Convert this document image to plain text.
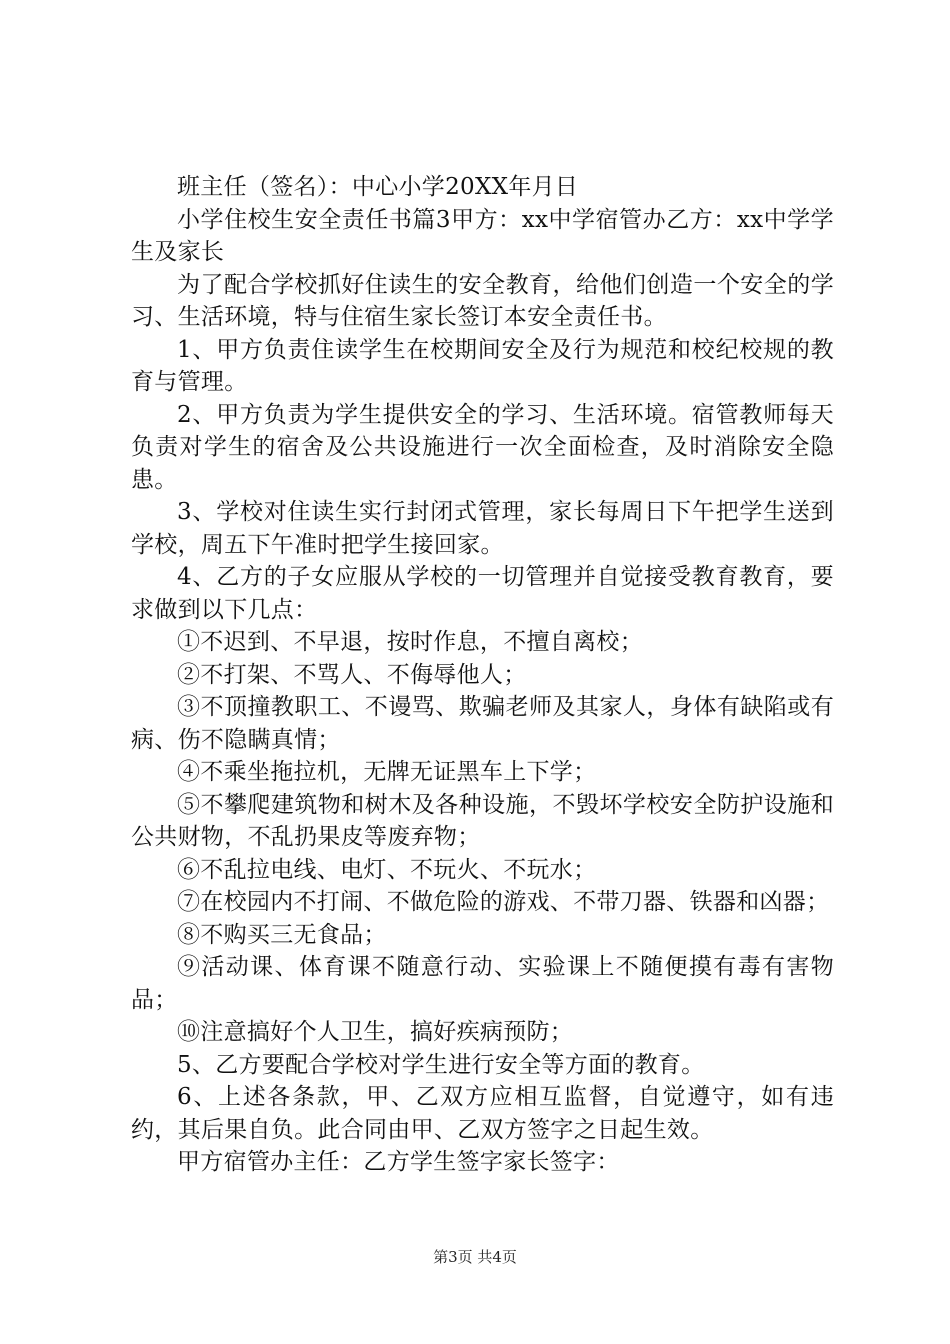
班主任（签名）：中心小学20XX年月日

小学住校生安全责任书篇3甲方：xx中学宿管办乙方：xx中学学生及家长

为了配合学校抓好住读生的安全教育，给他们创造一个安全的学习、生活环境，特与住宿生家长签订本安全责任书。

1、甲方负责住读学生在校期间安全及行为规范和校纪校规的教育与管理。

2、甲方负责为学生提供安全的学习、生活环境。宿管教师每天负责对学生的宿舍及公共设施进行一次全面检查，及时消除安全隐患。

3、学校对住读生实行封闭式管理，家长每周日下午把学生送到学校，周五下午准时把学生接回家。

4、乙方的子女应服从学校的一切管理并自觉接受教育教育，要求做到以下几点：

①不迟到、不早退，按时作息，不擅自离校；

②不打架、不骂人、不侮辱他人；

③不顶撞教职工、不谩骂、欺骗老师及其家人，身体有缺陷或有病、伤不隐瞒真情；

④不乘坐拖拉机，无牌无证黑车上下学；

⑤不攀爬建筑物和树木及各种设施，不毁坏学校安全防护设施和公共财物，不乱扔果皮等废弃物；

⑥不乱拉电线、电灯、不玩火、不玩水；

⑦在校园内不打闹、不做危险的游戏、不带刀器、铁器和凶器；

⑧不购买三无食品；

⑨活动课、体育课不随意行动、实验课上不随便摸有毒有害物品；

⑩注意搞好个人卫生，搞好疾病预防；

5、乙方要配合学校对学生进行安全等方面的教育。

6、上述各条款，甲、乙双方应相互监督，自觉遵守，如有违约，其后果自负。此合同由甲、乙双方签字之日起生效。

甲方宿管办主任：乙方学生签字家长签字：

第3页 共4页
